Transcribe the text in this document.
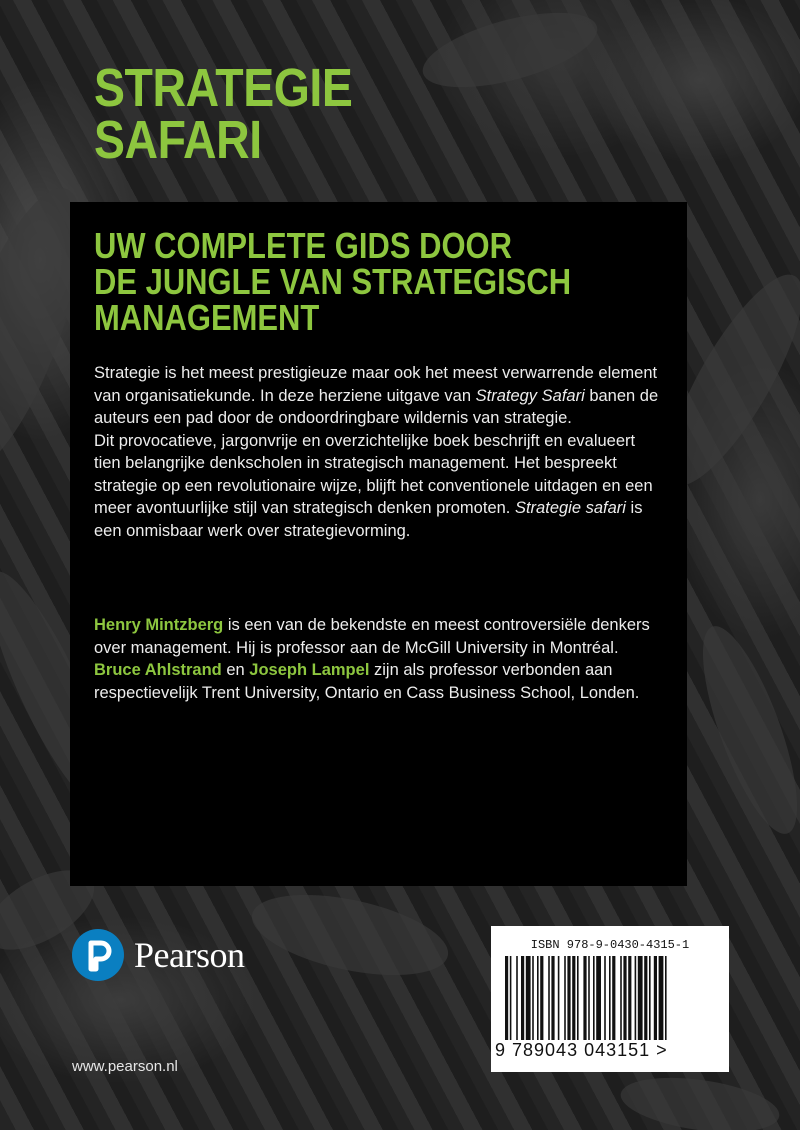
STRATEGIE
SAFARI
UW COMPLETE GIDS DOOR
DE JUNGLE VAN STRATEGISCH
MANAGEMENT

Strategie is het meest prestigieuze maar ook het meest verwarrende element van organisatiekunde. In deze herziene uitgave van Strategy Safari banen de auteurs een pad door de ondoordringbare wildernis van strategie.

Dit provocatieve, jargonvrije en overzichtelijke boek beschrijft en evalueert tien belangrijke denkscholen in strategisch management. Het bespreekt strategie op een revolutionaire wijze, blijft het conventionele uitdagen en een meer avontuurlijke stijl van strategisch denken promoten. Strategie safari is een onmisbaar werk over strategievorming.

Henry Mintzberg is een van de bekendste en meest controversiële denkers over management. Hij is professor aan de McGill University in Montréal. Bruce Ahlstrand en Joseph Lampel zijn als professor verbonden aan respectievelijk Trent University, Ontario en Cass Business School, Londen.

Pearson
www.pearson.nl
ISBN 978-9-0430-4315-1
9 789043 043151 >
